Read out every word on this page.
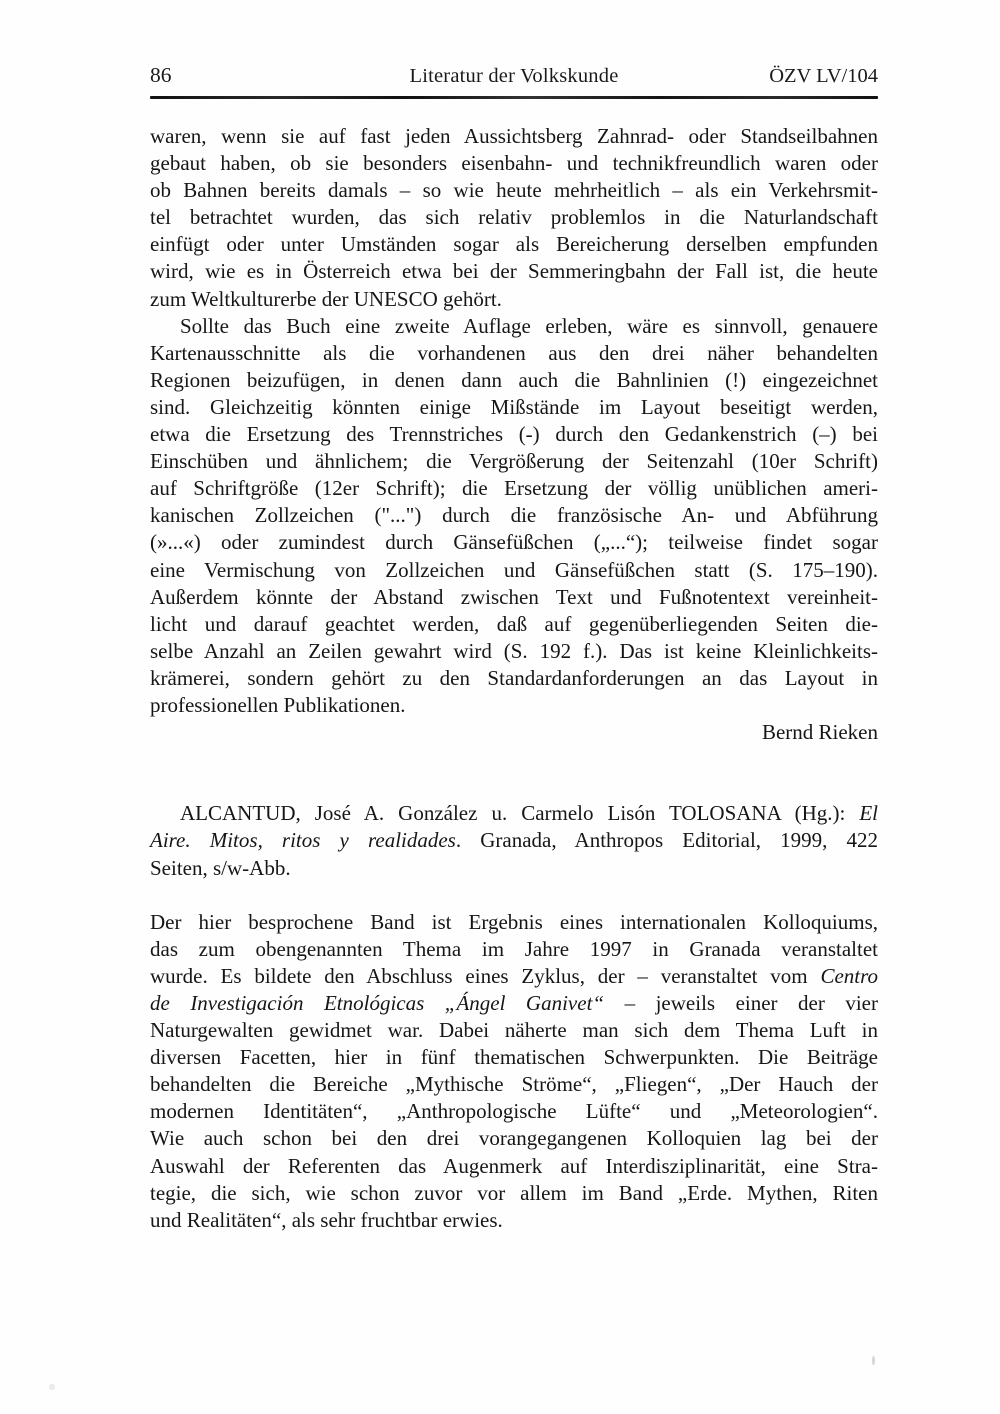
86	Literatur der Volkskunde	ÖZV LV/104
waren, wenn sie auf fast jeden Aussichtsberg Zahnrad- oder Standseilbahnen
gebaut haben, ob sie besonders eisenbahn- und technikfreundlich waren oder
ob Bahnen bereits damals – so wie heute mehrheitlich – als ein Verkehrsmit-
tel betrachtet wurden, das sich relativ problemlos in die Naturlandschaft
einfügt oder unter Umständen sogar als Bereicherung derselben empfunden
wird, wie es in Österreich etwa bei der Semmeringbahn der Fall ist, die heute
zum Weltkulturerbe der UNESCO gehört.
Sollte das Buch eine zweite Auflage erleben, wäre es sinnvoll, genauere
Kartenausschnitte als die vorhandenen aus den drei näher behandelten
Regionen beizufügen, in denen dann auch die Bahnlinien (!) eingezeichnet
sind. Gleichzeitig könnten einige Mißstände im Layout beseitigt werden,
etwa die Ersetzung des Trennstriches (-) durch den Gedankenstrich (–) bei
Einschüben und ähnlichem; die Vergrößerung der Seitenzahl (10er Schrift)
auf Schriftgröße (12er Schrift); die Ersetzung der völlig unüblichen ameri-
kanischen Zollzeichen ("...") durch die französische An- und Abführung
(»...«) oder zumindest durch Gänsefüßchen („...“); teilweise findet sogar
eine Vermischung von Zollzeichen und Gänsefüßchen statt (S. 175–190).
Außerdem könnte der Abstand zwischen Text und Fußnotentext vereinheit-
licht und darauf geachtet werden, daß auf gegenüberliegenden Seiten die-
selbe Anzahl an Zeilen gewahrt wird (S. 192 f.). Das ist keine Kleinlichkeits-
krämerei, sondern gehört zu den Standardanforderungen an das Layout in
professionellen Publikationen.
Bernd Rieken
ALCANTUD, José A. González u. Carmelo Lisón TOLOSANA (Hg.): El
Aire. Mitos, ritos y realidades. Granada, Anthropos Editorial, 1999, 422
Seiten, s/w-Abb.
Der hier besprochene Band ist Ergebnis eines internationalen Kolloquiums,
das zum obengenannten Thema im Jahre 1997 in Granada veranstaltet
wurde. Es bildete den Abschluss eines Zyklus, der – veranstaltet vom Centro
de Investigación Etnológicas „Ángel Ganivet“ – jeweils einer der vier
Naturgewalten gewidmet war. Dabei näherte man sich dem Thema Luft in
diversen Facetten, hier in fünf thematischen Schwerpunkten. Die Beiträge
behandelten die Bereiche „Mythische Ströme“, „Fliegen“, „Der Hauch der
modernen Identitäten“, „Anthropologische Lüfte“ und „Meteorologien“.
Wie auch schon bei den drei vorangegangenen Kolloquien lag bei der
Auswahl der Referenten das Augenmerk auf Interdisziplinarität, eine Stra-
tegie, die sich, wie schon zuvor vor allem im Band „Erde. Mythen, Riten
und Realitäten“, als sehr fruchtbar erwies.
